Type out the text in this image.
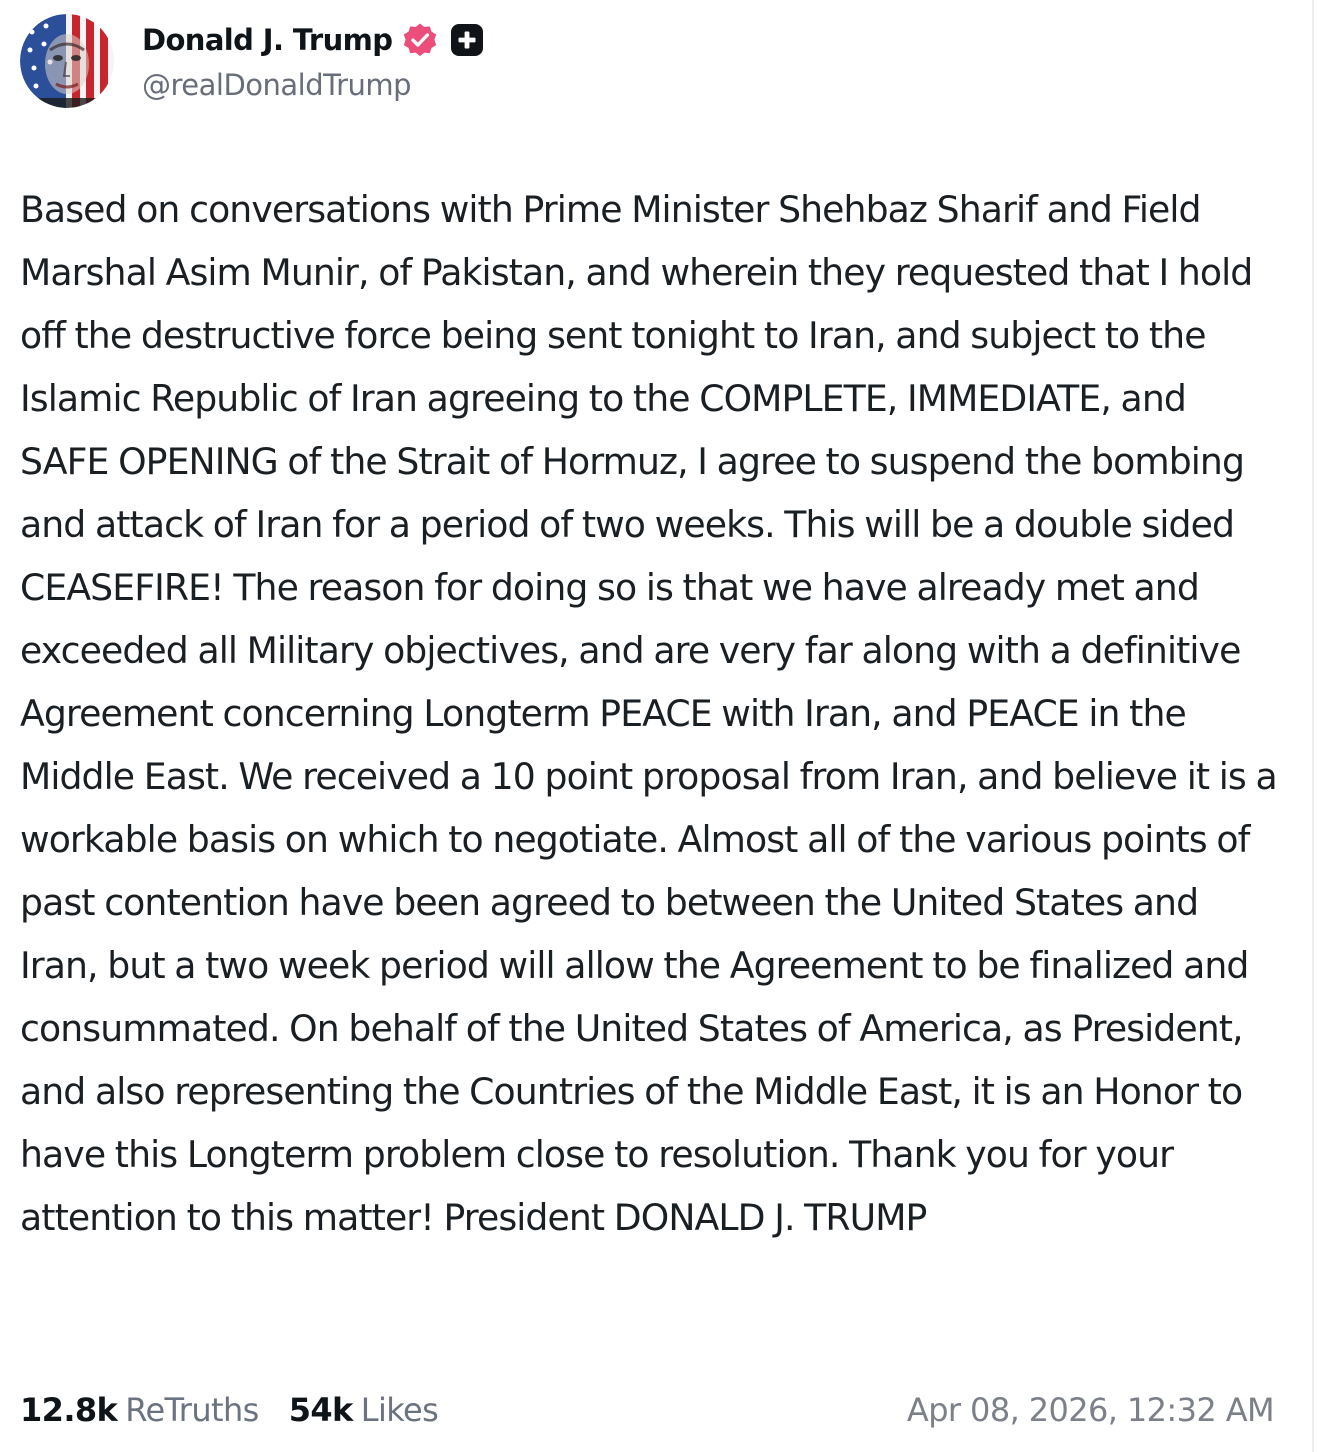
Donald J. Trump
@realDonaldTrump

Based on conversations with Prime Minister Shehbaz Sharif and Field Marshal Asim Munir, of Pakistan, and wherein they requested that I hold off the destructive force being sent tonight to Iran, and subject to the Islamic Republic of Iran agreeing to the COMPLETE, IMMEDIATE, and SAFE OPENING of the Strait of Hormuz, I agree to suspend the bombing and attack of Iran for a period of two weeks. This will be a double sided CEASEFIRE! The reason for doing so is that we have already met and exceeded all Military objectives, and are very far along with a definitive Agreement concerning Longterm PEACE with Iran, and PEACE in the Middle East. We received a 10 point proposal from Iran, and believe it is a workable basis on which to negotiate. Almost all of the various points of past contention have been agreed to between the United States and Iran, but a two week period will allow the Agreement to be finalized and consummated. On behalf of the United States of America, as President, and also representing the Countries of the Middle East, it is an Honor to have this Longterm problem close to resolution. Thank you for your attention to this matter! President DONALD J. TRUMP

12.8k ReTruths 54k Likes	Apr 08, 2026, 12:32 AM
